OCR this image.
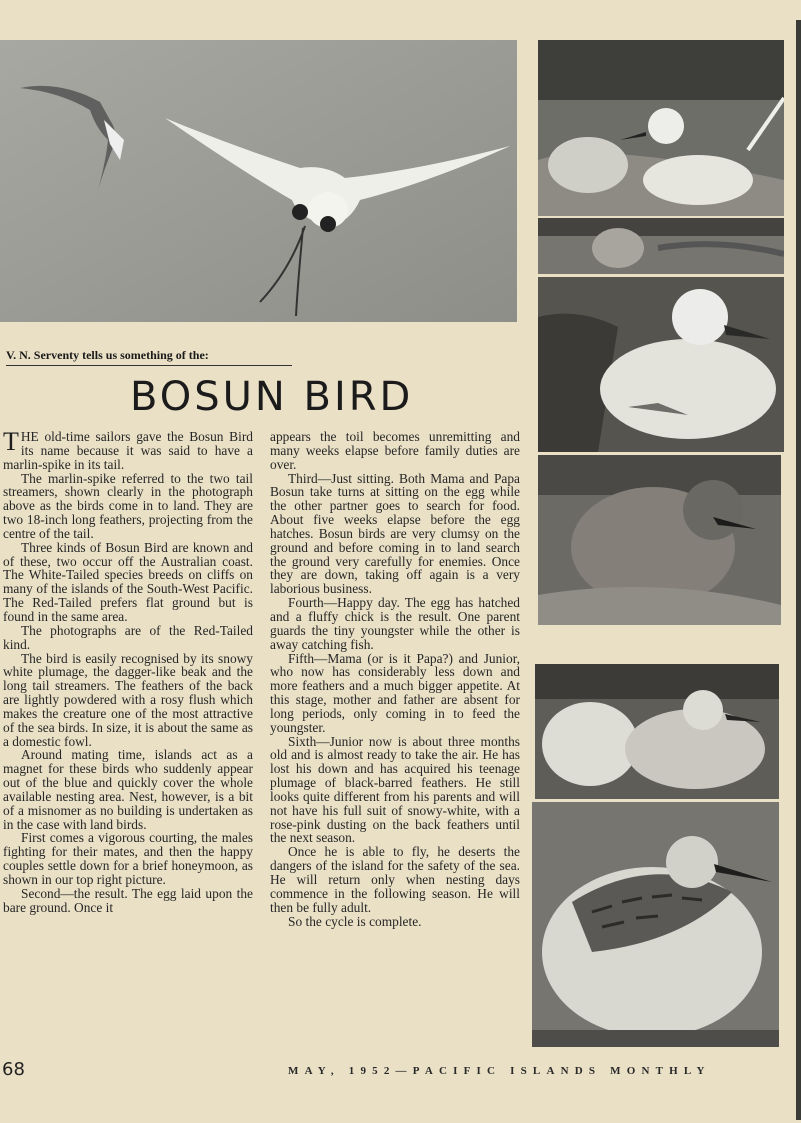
V. N. Serventy tells us something of the:
BOSUN BIRD

THE old-time sailors gave the Bosun Bird its name because it was said to have a marlin-spike in its tail.

The marlin-spike referred to the two tail streamers, shown clearly in the photograph above as the birds come in to land. They are two 18-inch long feathers, projecting from the centre of the tail.

Three kinds of Bosun Bird are known and of these, two occur off the Australian coast. The White-Tailed species breeds on cliffs on many of the islands of the South-West Pacific. The Red-Tailed prefers flat ground but is found in the same area.

The photographs are of the Red-Tailed kind.

The bird is easily recognised by its snowy white plumage, the dagger-like beak and the long tail streamers. The feathers of the back are lightly powdered with a rosy flush which makes the creature one of the most attractive of the sea birds. In size, it is about the same as a domestic fowl.

Around mating time, islands act as a magnet for these birds who suddenly appear out of the blue and quickly cover the whole available nesting area. Nest, however, is a bit of a misnomer as no building is undertaken as in the case with land birds.

First comes a vigorous courting, the males fighting for their mates, and then the happy couples settle down for a brief honeymoon, as shown in our top right picture.

Second—the result. The egg laid upon the bare ground. Once it

appears the toil becomes unremitting and many weeks elapse before family duties are over.

Third—Just sitting. Both Mama and Papa Bosun take turns at sitting on the egg while the other partner goes to search for food. About five weeks elapse before the egg hatches. Bosun birds are very clumsy on the ground and before coming in to land search the ground very carefully for enemies. Once they are down, taking off again is a very laborious business.

Fourth—Happy day. The egg has hatched and a fluffy chick is the result. One parent guards the tiny youngster while the other is away catching fish.

Fifth—Mama (or is it Papa?) and Junior, who now has considerably less down and more feathers and a much bigger appetite. At this stage, mother and father are absent for long periods, only coming in to feed the youngster.

Sixth—Junior now is about three months old and is almost ready to take the air. He has lost his down and has acquired his teenage plumage of black-barred feathers. He still looks quite different from his parents and will not have his full suit of snowy-white, with a rose-pink dusting on the back feathers until the next season.

Once he is able to fly, he deserts the dangers of the island for the safety of the sea. He will return only when nesting days commence in the following season. He will then be fully adult.

So the cycle is complete.

68	MAY, 1952—PACIFIC ISLANDS MONTHLY
